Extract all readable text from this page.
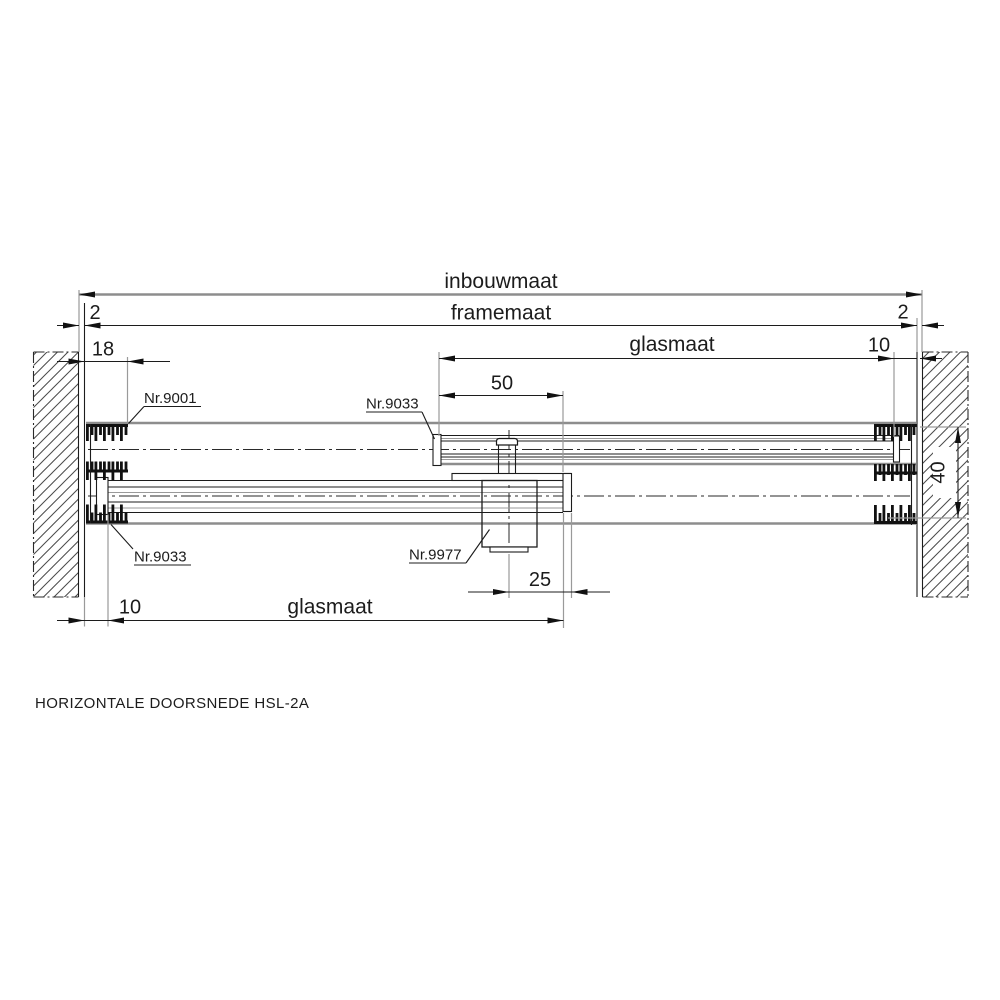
inbouwmaat
framemaat
2	2
18	glasmaat	10
50
40
25
10	glasmaat
Nr.9001	Nr.9033
Nr.9033	Nr.9977
HORIZONTALE DOORSNEDE HSL-2A
